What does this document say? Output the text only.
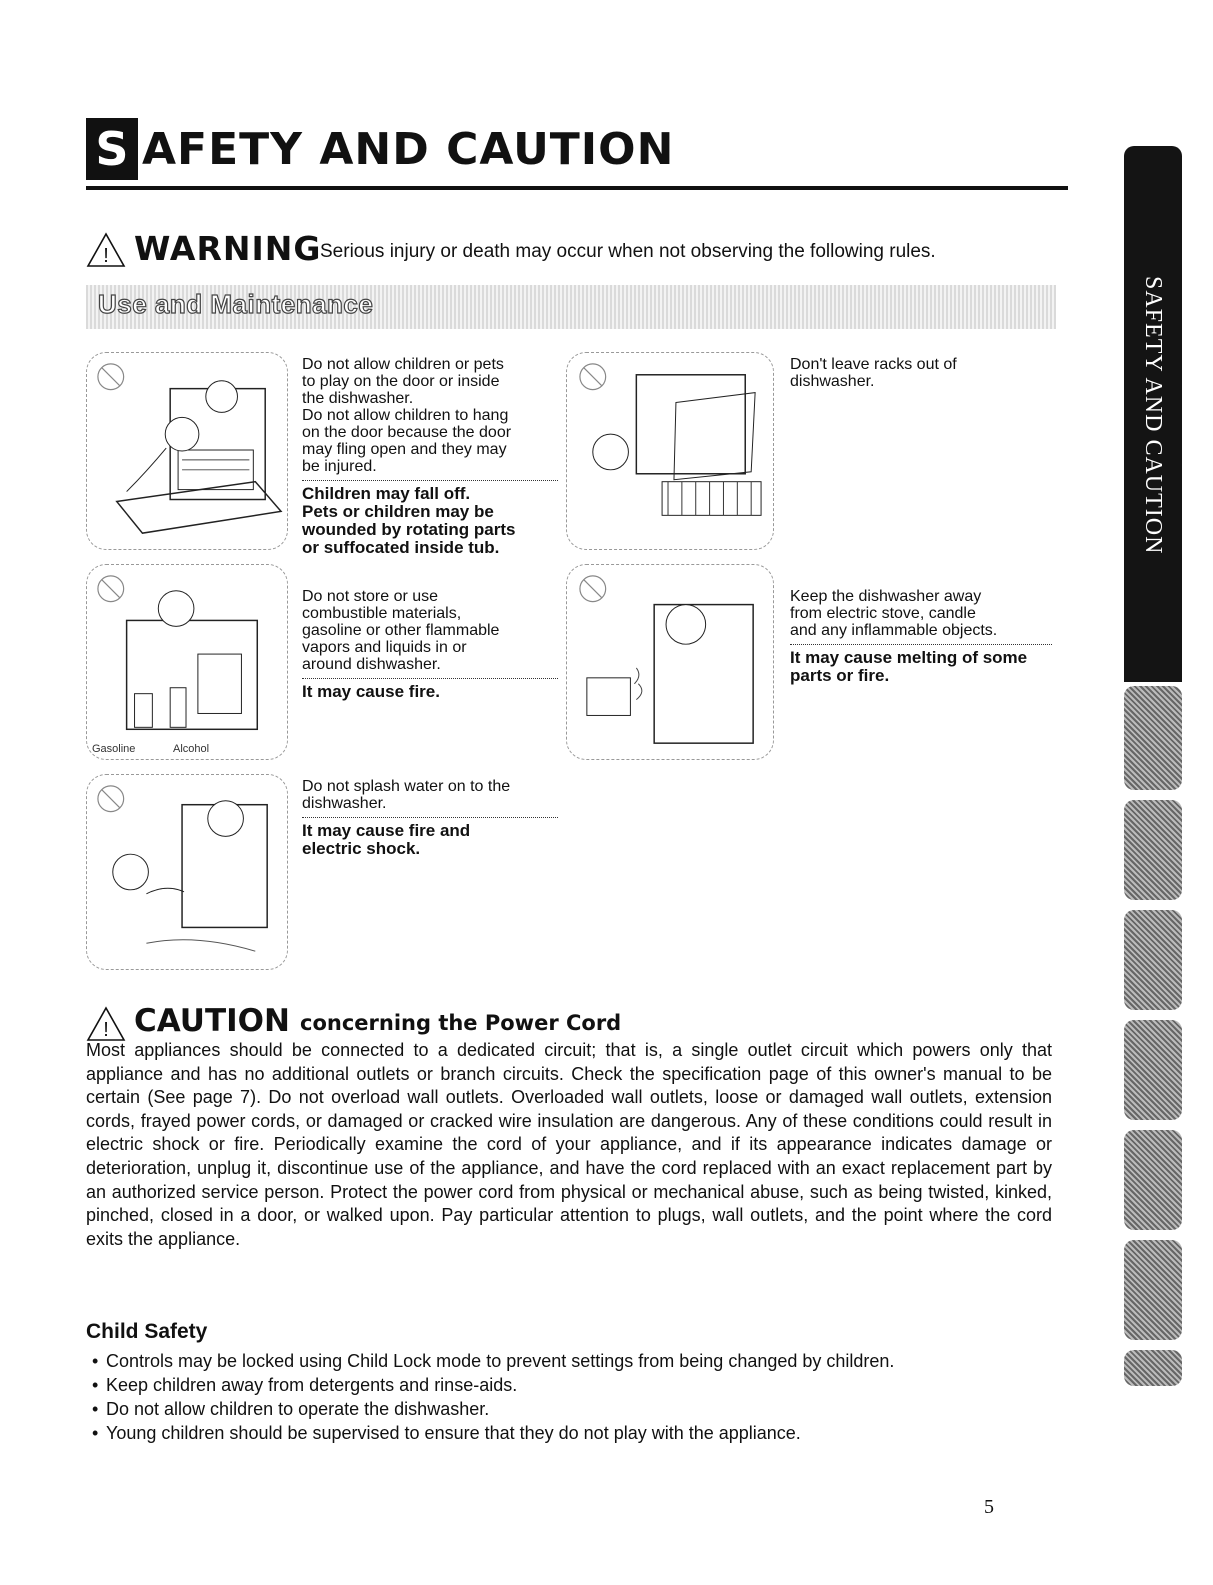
S AFETY AND CAUTION
! WARNING
Serious injury or death may occur when not observing the following rules.
Use and Maintenance
Gasoline	Alcohol
Do not allow children or pets
to play on the door or inside
the dishwasher.
Do not allow children to hang
on the door because the door
may fling open and they may
be injured.
Children may fall off.
Pets or children may be
wounded by rotating parts
or suffocated inside tub.
Don't leave racks out of
dishwasher.
Do not store or use
combustible materials,
gasoline or other flammable
vapors and liquids in or
around dishwasher.
It may cause fire.
Keep the dishwasher away
from electric stove, candle
and any inflammable objects.
It may cause melting of some
parts or fire.
Do not splash water on to the
dishwasher.
It may cause fire and
electric shock.
! CAUTION concerning the Power Cord

Most appliances should be connected to a dedicated circuit; that is, a single outlet circuit which powers only that appliance and has no additional outlets or branch circuits. Check the specification page of this owner's manual to be certain (See page 7). Do not overload wall outlets. Overloaded wall outlets, loose or damaged wall outlets, extension cords, frayed power cords, or damaged or cracked wire insulation are dangerous. Any of these conditions could result in electric shock or fire. Periodically examine the cord of your appliance, and if its appearance indicates damage or deterioration, unplug it, discontinue use of the appliance, and have the cord replaced with an exact replacement part by an authorized service person. Protect the power cord from physical or mechanical abuse, such as being twisted, kinked, pinched, closed in a door, or walked upon. Pay particular attention to plugs, wall outlets, and the point where the cord exits the appliance.

Child Safety
• Controls may be locked using Child Lock mode to prevent settings from being changed by children.
• Keep children away from detergents and rinse-aids.
• Do not allow children to operate the dishwasher.
• Young children should be supervised to ensure that they do not play with the appliance.
5
SAFETY AND CAUTION
